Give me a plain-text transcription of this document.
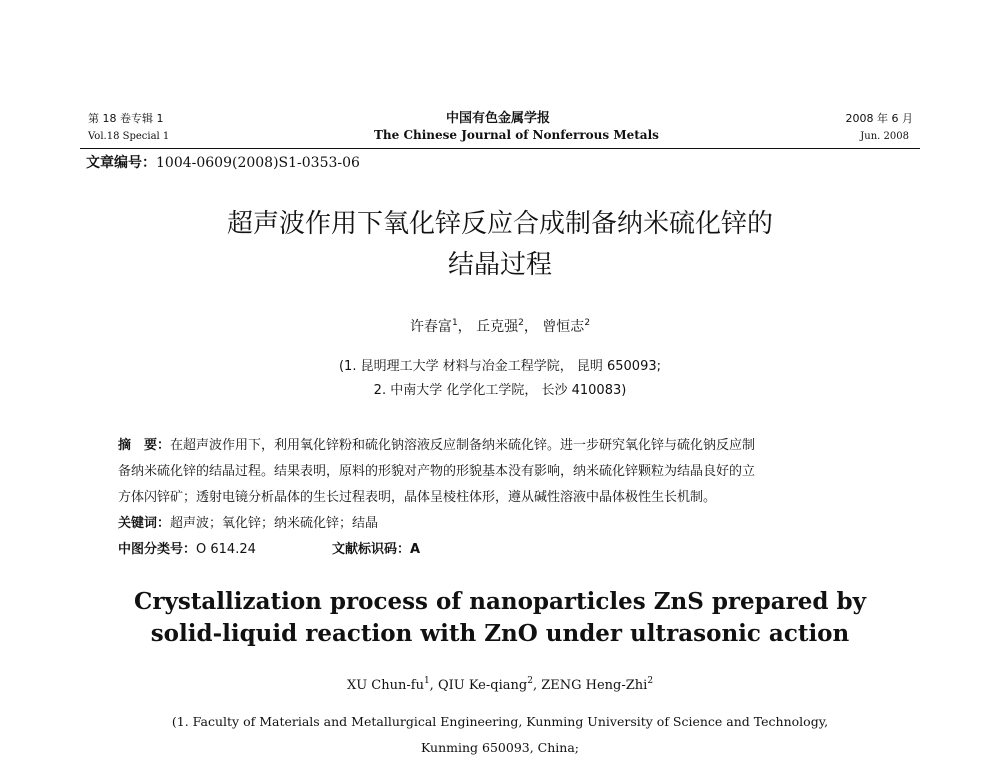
第 18 卷专辑 1
Vol.18 Special 1
中国有色金属学报
The Chinese Journal of Nonferrous Metals
2008 年 6 月
Jun. 2008
文章编号：1004-0609(2008)S1-0353-06
超声波作用下氧化锌反应合成制备纳米硫化锌的
结晶过程
许春富$^1$， 丘克强$^2$， 曾恒志$^2$
(1. 昆明理工大学 材料与冶金工程学院， 昆明 650093;
2. 中南大学 化学化工学院， 长沙 410083)
摘　要：在超声波作用下，利用氧化锌粉和硫化钠溶液反应制备纳米硫化锌。进一步研究氧化锌与硫化钠反应制
备纳米硫化锌的结晶过程。结果表明，原料的形貌对产物的形貌基本没有影响，纳米硫化锌颗粒为结晶良好的立
方体闪锌矿；透射电镜分析晶体的生长过程表明，晶体呈棱柱体形，遵从碱性溶液中晶体极性生长机制。
关键词：超声波；氧化锌；纳米硫化锌；结晶
中图分类号：O 614.24	文献标识码：A
Crystallization process of nanoparticles ZnS prepared by
solid-liquid reaction with ZnO under ultrasonic action
XU Chun-$fu^1$, QIU Ke-qiang$^2$, ZENG Heng-Zhi$^2$
(1. Faculty of Materials and Metallurgical Engineering, Kunming University of Science and Technology,
Kunming 650093, China;
